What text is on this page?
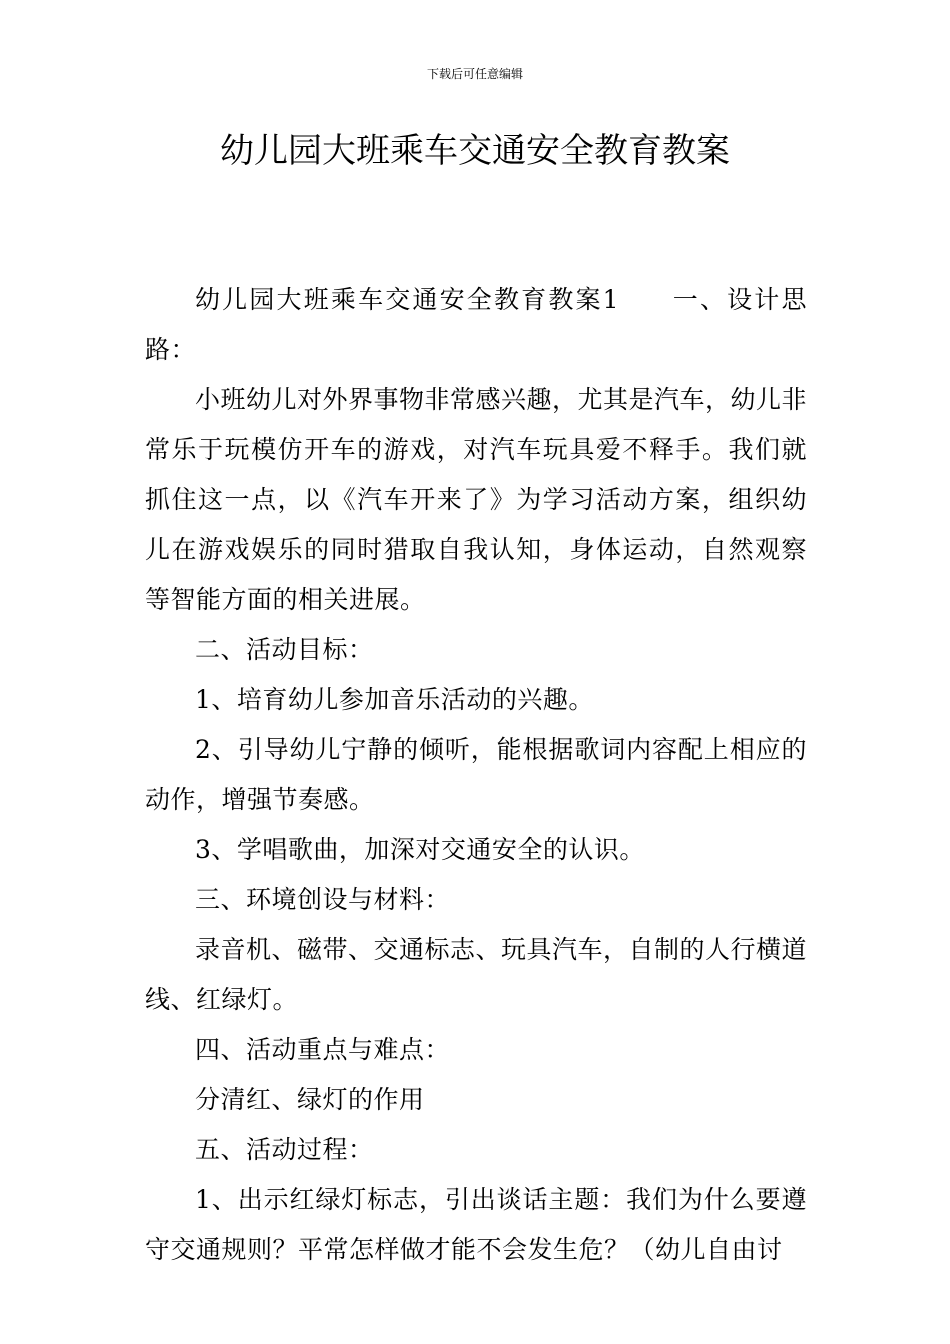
下载后可任意编辑
幼儿园大班乘车交通安全教育教案

幼儿园大班乘车交通安全教育教案1 一、设计思路：

小班幼儿对外界事物非常感兴趣，尤其是汽车，幼儿非常乐于玩模仿开车的游戏，对汽车玩具爱不释手。我们就抓住这一点，以《汽车开来了》为学习活动方案，组织幼儿在游戏娱乐的同时猎取自我认知，身体运动，自然观察等智能方面的相关进展。

二、活动目标：

1、培育幼儿参加音乐活动的兴趣。

2、引导幼儿宁静的倾听，能根据歌词内容配上相应的动作，增强节奏感。

3、学唱歌曲，加深对交通安全的认识。

三、环境创设与材料：

录音机、磁带、交通标志、玩具汽车，自制的人行横道线、红绿灯。

四、活动重点与难点：

分清红、绿灯的作用

五、活动过程：

1、出示红绿灯标志，引出谈话主题：我们为什么要遵守交通规则？平常怎样做才能不会发生危？（幼儿自由讨
